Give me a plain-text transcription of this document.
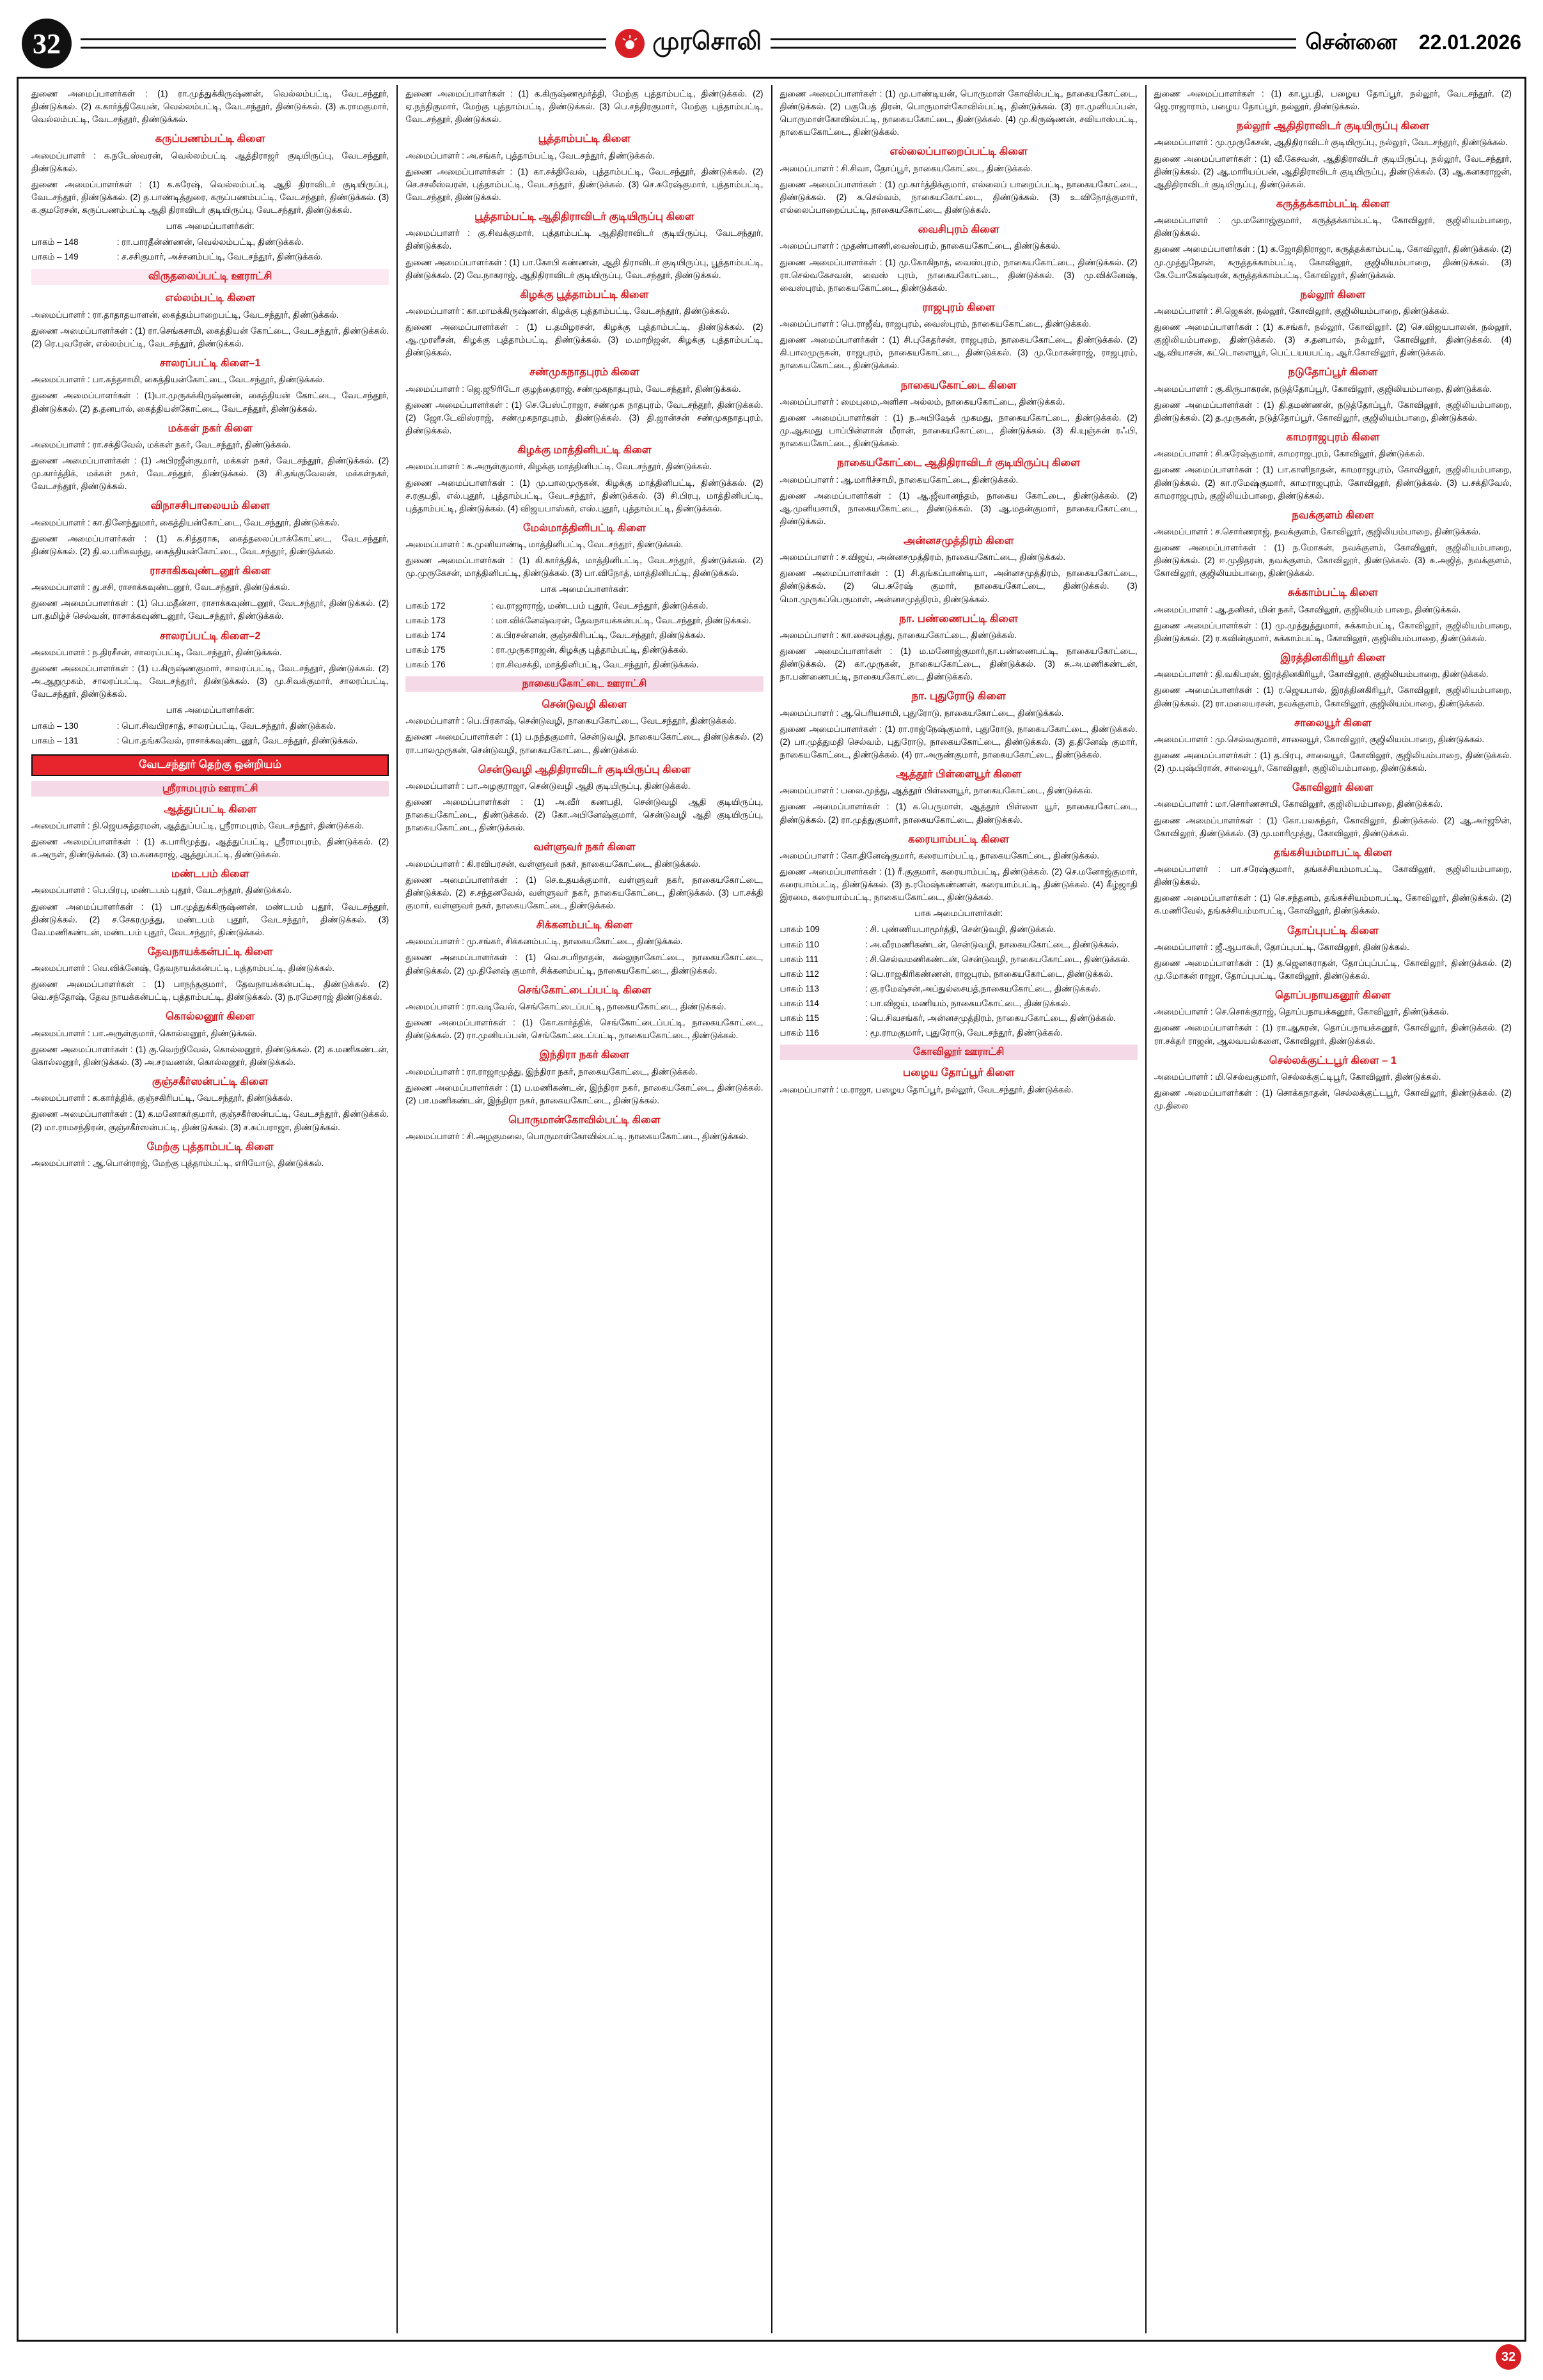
32	முரசொலி	சென்னை 22.01.2026
துணை அமைப்பாளர்கள் : (1) ரா.முத்துக்கிருஷ்ணன், வெல்லம்பட்டி, வேடசந்தூர், திண்டுக்கல். (2) க.கார்த்திகேயன், வெல்லம்பட்டி, வேடசந்தூர், திண்டுக்கல். (3) க.ராமகுமார், வெல்லம்பட்டி, வேடசந்தூர், திண்டுக்கல்.
கருப்பணம்பட்டி கிளை
அமைப்பாளர் : க.நடேஸ்வரன், வெல்லம்பட்டி ஆத்திராஜர் குடியிருப்பு, வேடசந்தூர், திண்டுக்கல்.
துணை அமைப்பாளர்கள் : (1) க.சுரேஷ், வெல்லம்பட்டி ஆதி திராவிடர் குடியிருப்பு, வேடசந்தூர், திண்டுக்கல். (2) த.பாண்டித்துரை, கருப்பணம்பட்டி, வேடசந்தூர், திண்டுக்கல். (3) க.குமரேசன், கருப்பணம்பட்டி ஆதி திராவிடர் குடியிருப்பு, வேடசந்தூர், திண்டுக்கல்.
பாக அமைப்பாளர்கள்:
பாகம் – 148	: ரா.பாரதீன்ண்ணன், வெல்லம்பட்டி, திண்டுக்கல்.
பாகம் – 149	: ச.சசிகுமார், அச்சனம்பட்டி, வேடசந்தூர், திண்டுக்கல்.
விருதலைப்பட்டி ஊராட்சி
எல்லம்பட்டி கிளை
அமைப்பாளர் : ரா.தாதாதயாளன், கைத்தம்பாறைபட்டி, வேடசந்தூர், திண்டுக்கல்.
துணை அமைப்பாளர்கள் : (1) ரா.செங்கசாமி, கைத்தியன் கோட்டை, வேடசந்தூர், திண்டுக்கல். (2) ரெ.புவரேன், எல்லம்பட்டி, வேடசந்தூர், திண்டுக்கல்.
சாலரப்பட்டி கிளை–1
அமைப்பாளர் : பா.கந்தசாமி, கைத்தியன்கோட்டை, வேடசந்தூர், திண்டுக்கல்.
துணை அமைப்பாளர்கள் : (1)பா.முருகக்கிருஷ்ணன், கைத்தியன் கோட்டை, வேடசந்தூர், திண்டுக்கல். (2) த.தனபால், கைத்தியன்கோட்டை, வேடசந்தூர், திண்டுக்கல்.
மக்கள் நகர் கிளை
அமைப்பாளர் : ரா.சக்திவேல், மக்கள் நகர், வேடசந்தூர், திண்டுக்கல்.
துணை அமைப்பாளர்கள் : (1) அபிரஜீன்குமார், மக்கள் நகர், வேடசந்தூர், திண்டுக்கல். (2) மு.கார்த்திக், மக்கள் நகர், வேடசந்தூர், திண்டுக்கல். (3) சி.தங்குவேலன், மக்கள்நகர், வேடசந்தூர், திண்டுக்கல்.
விநாசசிபாலையம் கிளை
அமைப்பாளர் : கா.தினேந்துமார், கைத்தியன்கோட்டை, வேடசந்தூர், திண்டுக்கல்.
துணை அமைப்பாளர்கள் : (1) சு.சித்தராசு, கைத்தலைப்பாக்கோட்டை, வேடசந்தூர், திண்டுக்கல். (2) தி.ல.பரிசுவந்து, கைத்தியன்கோட்டை, வேடசந்தூர், திண்டுக்கல்.
ராசாகிகவுண்டனூர் கிளை
அமைப்பாளர் : து.சசி, ராசாக்கவுண்டனூர், வேடசந்தூர், திண்டுக்கல்.
துணை அமைப்பாளர்கள் : (1) பெ.மதீன்சா, ராசாக்கவுண்டனூர், வேடசந்தூர், திண்டுக்கல். (2) பா.தமிழ்ச் செல்வன், ராசாக்கவுண்டனூர், வேடசந்தூர், திண்டுக்கல்.
சாலரப்பட்டி கிளை–2
அமைப்பாளர் : ந.திரசீசன், சாலரப்பட்டி, வேடசந்தூர், திண்டுக்கல்.
துணை அமைப்பாளர்கள் : (1) ப.கிருஷ்ணகுமார், சாலரப்பட்டி, வேடசந்தூர், திண்டுக்கல். (2) அ.ஆறுமுகம், சாலரப்பட்டி, வேடசந்தூர், திண்டுக்கல். (3) மு.சிவக்குமார், சாலரப்பட்டி, வேடசந்தூர், திண்டுக்கல்.
பாக அமைப்பாளர்கள்:
பாகம் – 130	: பொ.சிவபிரசாத், சாலரப்பட்டி, வேடசந்தூர், திண்டுக்கல்.
பாகம் – 131	: பொ.தங்கவேல், ராசாக்கவுண்டனூர், வேடசந்தூர், திண்டுக்கல்.
வேடசந்தூர் தெற்கு ஒன்றியம்
ஸ்ரீராமபுரம் ஊராட்சி
ஆத்துப்பட்டி கிளை
அமைப்பாளர் : நி.ஜெயசுத்தரமன், ஆத்துப்பட்டி, ஸ்ரீராமபுரம், வேடசந்தூர், திண்டுக்கல்.
துணை அமைப்பாளர்கள் : (1) க.பாரிமுத்து, ஆத்துப்பட்டி, ஸ்ரீராமபுரம், திண்டுக்கல். (2) சு.அருள், திண்டுக்கல். (3) ம.கனகராஜ், ஆத்துப்பட்டி, திண்டுக்கல்.
மண்டபம் கிளை
அமைப்பாளர் : பெ.பிரபு, மண்டபம் புதூர், வேடசந்தூர், திண்டுக்கல்.
துணை அமைப்பாளர்கள் : (1) பா.முத்துக்கிருஷ்ணன், மண்டபம் புதூர், வேடசந்தூர், திண்டுக்கல். (2) ச.சேகரமுத்து, மண்டபம் புதூர், வேடசந்தூர், திண்டுக்கல். (3) வே.மணிகண்டன், மண்டபம் புதூர், வேடசந்தூர், திண்டுக்கல்.
தேவநாயக்கன்பட்டி கிளை
அமைப்பாளர் : வெ.விக்னேஷ், தேவநாயக்கன்பட்டி, புத்தாம்பட்டி, திண்டுக்கல்.
துணை அமைப்பாளர்கள் : (1) பாநந்தகுமார், தேவநாயக்கன்பட்டி, திண்டுக்கல். (2) வெ.சந்தோஷ், தேவ நாயக்கன்பட்டி, புத்தாம்பட்டி, திண்டுக்கல். (3) ந.ரமேசராஜ் திண்டுக்கல்.
கொல்லனூர் கிளை
அமைப்பாளர் : பா.அருள்குமார், கொல்லனூர், திண்டுக்கல்.
துணை அமைப்பாளர்கள் : (1) கு.வெற்றிவேல், கொல்லனூர், திண்டுக்கல். (2) க.மணிகண்டன், கொல்லனூர், திண்டுக்கல். (3) அ.சரவணன், கொல்லனூர், திண்டுக்கல்.
குஞ்சகீர்ஸன்பட்டி கிளை
அமைப்பாளர் : க.கார்த்திக், குஞ்சகிரிபட்டி, வேடசந்தூர், திண்டுக்கல்.
துணை அமைப்பாளர்கள் : (1) க.மனோகர்குமார், குஞ்சகீர்ஸன்பட்டி, வேடசந்தூர், திண்டுக்கல். (2) மா.ராமசந்திரன், குஞ்சகீர்ஸன்பட்டி, திண்டுக்கல். (3) ச.சுப்பராஜா, திண்டுக்கல்.
மேற்கு புத்தாம்பட்டி கிளை
அமைப்பாளர் : ஆ.பொன்ராஜ், மேற்கு புத்தாம்பட்டி, எரியோடு, திண்டுக்கல்.
துணை அமைப்பாளர்கள் : (1) க.கிருஷ்ணமூர்த்தி, மேற்கு புத்தாம்பட்டி, திண்டுக்கல். (2) ஏ.நந்திகுமார், மேற்கு புத்தாம்பட்டி, திண்டுக்கல். (3) பெ.சந்திரகுமார், மேற்கு புத்தாம்பட்டி, வேடசந்தூர், திண்டுக்கல்.
பூத்தாம்பட்டி கிளை
அமைப்பாளர் : அ.சங்கர், புத்தாம்பட்டி, வேடசந்தூர், திண்டுக்கல்.
துணை அமைப்பாளர்கள் : (1) கா.சக்திவேல், புத்தாம்பட்டி, வேடசந்தூர், திண்டுக்கல். (2) செ.சசலீஸ்வரன், புத்தாம்பட்டி, வேடசந்தூர், திண்டுக்கல். (3) செ.சுரேஷ்குமார், புத்தாம்பட்டி, வேடசந்தூர், திண்டுக்கல்.
பூத்தாம்பட்டி ஆதிதிராவிடர் குடியிருப்பு கிளை
அமைப்பாளர் : கு.சிவக்குமார், புத்தாம்பட்டி ஆதிதிராவிடர் குடியிருப்பு, வேடசந்தூர், திண்டுக்கல்.
துணை அமைப்பாளர்கள் : (1) பா.கோபி கண்ணன், ஆதி திராவிடர் குடியிருப்பு, பூத்தாம்பட்டி, திண்டுக்கல். (2) வே.நாகராஜ், ஆதிதிராவிடர் குடியிருப்பு, வேடசந்தூர், திண்டுக்கல்.
கிழக்கு பூத்தாம்பட்டி கிளை
அமைப்பாளர் : கா.மாமக்கிருஷ்ணன், கிழக்கு புத்தாம்பட்டி, வேடசந்தூர், திண்டுக்கல்.
துணை அமைப்பாளர்கள் : (1) ப.தமிழரசன், கிழக்கு புத்தாம்பட்டி, திண்டுக்கல். (2) ஆ.முரளீசன், கிழக்கு புத்தாம்பட்டி, திண்டுக்கல். (3) ம.மாறிஜன், கிழக்கு புத்தாம்பட்டி, திண்டுக்கல்.
சண்முகநாதபுரம் கிளை
அமைப்பாளர் : ஜெ.ஜூரிடோ குழந்தைராஜ், சண்முகநாதபுரம், வேடசந்தூர், திண்டுக்கல்.
துணை அமைப்பாளர்கள் : (1) செ.பேஸ்ட்ராஜா, சண்முக நாதபுரம், வேடசந்தூர், திண்டுக்கல். (2) ஜோ.டேவிஸ்ராஜ், சண்முகநாதபுரம், திண்டுக்கல். (3) தி.ஜான்சன் சண்முகநாதபுரம், திண்டுக்கல்.
கிழக்கு மாத்தினிபட்டி கிளை
அமைப்பாளர் : சு.அருள்குமார், கிழக்கு மாத்தினிபட்டி, வேடசந்தூர், திண்டுக்கல்.
துணை அமைப்பாளர்கள் : (1) மு.பாலமுருகன், கிழக்கு மாத்தினிபட்டி, திண்டுக்கல். (2) ச.ரகுபதி, எல்.புதூர், புத்தாம்பட்டி, வேடசந்தூர், திண்டுக்கல். (3) சி.பிரபு, மாத்தினிபட்டி, புத்தாம்பட்டி, திண்டுக்கல். (4) விஜயபாஸ்கர், எஸ்.புதூர், புத்தாம்பட்டி, திண்டுக்கல்.
மேல்மாத்தினிபட்டி கிளை
அமைப்பாளர் : க.முனியாண்டி, மாத்தினிபட்டி, வேடசந்தூர், திண்டுக்கல்.
துணை அமைப்பாளர்கள் : (1) கி.கார்த்திக், மாத்தினிபட்டி, வேடசந்தூர், திண்டுக்கல். (2) மு.முருகேசன், மாத்தினிபட்டி, திண்டுக்கல். (3) பா.விநோத், மாத்தினிபட்டி, திண்டுக்கல்.
பாக அமைப்பாளர்கள்:
பாகம் 172	: வ.ராஜாராஜ், மண்டபம் புதூர், வேடசந்தூர், திண்டுக்கல்.
பாகம் 173	: மா.விக்னேஷ்வரன், தேவநாயக்கன்பட்டி, வேடசந்தூர், திண்டுக்கல்.
பாகம் 174	: க.பிரசன்னன், குஞ்சகிரிபட்டி, வேடசந்தூர், திண்டுக்கல்.
பாகம் 175	: ரா.முருகராஜன், கிழக்கு புத்தாம்பட்டி, திண்டுக்கல்.
பாகம் 176	: ரா.சிவசக்தி, மாத்தினிபட்டி, வேடசந்தூர், திண்டுக்கல்.
நாகையகோட்டை ஊராட்சி
சென்டுவழி கிளை
அமைப்பாளர் : பெ.பிரகாஷ், சென்டுவழி, நாகையகோட்டை, வேடசந்தூர், திண்டுக்கல்.
துணை அமைப்பாளர்கள் : (1) ப.நந்தகுமார், சென்டுவழி, நாகையகோட்டை, திண்டுக்கல். (2) ரா.பாலமுருகன், சென்டுவழி, நாகையகோட்டை, திண்டுக்கல்.
சென்டுவழி ஆதிதிராவிடர் குடியிருப்பு கிளை
அமைப்பாளர் : பா.அழகுராஜா, சென்டுவழி ஆதி குடியிருப்பு, திண்டுக்கல்.
துணை அமைப்பாளர்கள் : (1) அ.வீர் கணபதி, சென்டுவழி ஆதி குடியிருப்பு, நாகையகோட்டை, திண்டுக்கல். (2) கோ.அபினேஷ்குமார், சென்டுவழி ஆதி குடியிருப்பு, நாகையகோட்டை, திண்டுக்கல்.
வள்ளுவர் நகர் கிளை
அமைப்பாளர் : கி.ரவிபரசன், வள்ளுவர் நகர், நாகையகோட்டை, திண்டுக்கல்.
துணை அமைப்பாளர்கள் : (1) செ.உதயக்குமார், வள்ளுவர் நகர், நாகையகோட்டை, திண்டுக்கல். (2) ச.சந்தனவேல், வள்ளுவர் நகர், நாகையகோட்டை, திண்டுக்கல். (3) பா.சக்தி குமார், வள்ளுவர் நகர், நாகையகோட்டை, திண்டுக்கல்.
சிக்கனம்பட்டி கிளை
அமைப்பாளர் : மு.சங்கர், சிக்கனம்பட்டி, நாகையகோட்டை, திண்டுக்கல்.
துணை அமைப்பாளர்கள் : (1) வெ.சபரிநாதன், கல்லுநாகோட்டை, நாகையகோட்டை, திண்டுக்கல். (2) மு.தினேஷ் குமார், சிக்கனம்பட்டி, நாகையகோட்டை, திண்டுக்கல்.
செங்கோட்டைப்பட்டி கிளை
அமைப்பாளர் : ரா.வடிவேல், செங்கோட்டைப்பட்டி, நாகையகோட்டை, திண்டுக்கல்.
துணை அமைப்பாளர்கள் : (1) கோ.கார்த்திக், செங்கோட்டைப்பட்டி, நாகையகோட்டை, திண்டுக்கல். (2) ரா.முனியப்பன், செங்கோட்டைப்பட்டி, நாகையகோட்டை, திண்டுக்கல்.
இந்திரா நகர் கிளை
அமைப்பாளர் : ரா.ராஜாமுத்து, இந்திரா நகர், நாகையகோட்டை, திண்டுக்கல்.
துணை அமைப்பாளர்கள் : (1) ப.மணிகண்டன், இந்திரா நகர், நாகையகோட்டை, திண்டுக்கல். (2) பா.மணிகண்டன், இந்திரா நகர், நாகையகோட்டை, திண்டுக்கல்.
பொருமான்கோவில்பட்டி கிளை
அமைப்பாளர் : சி.அழகுமலை, பொருமாள்கோவில்பட்டி, நாகையகோட்டை, திண்டுக்கல்.
துணை அமைப்பாளர்கள் : (1) மு.பாண்டியன், பொருமாள் கோவில்பட்டி, நாகையகோட்டை, திண்டுக்கல். (2) பகுபேத் திரன், பொருமாள்கோவில்பட்டி, திண்டுக்கல். (3) ரா.முனியப்பன், பொருமாள்கோவில்பட்டி, நாகையகோட்டை, திண்டுக்கல். (4) மு.கிருஷ்ணன், சவியாஸ்பட்டி, நாகையகோட்டை, திண்டுக்கல்.
எல்லைப்பாறைப்பட்டி கிளை
அமைப்பாளர் : சி.சிவா, தோப்பூர், நாகையகோட்டை, திண்டுக்கல்.
துணை அமைப்பாளர்கள் : (1) மு.கார்த்திக்குமார், எல்லைப் பாறைப்பட்டி, நாகையகோட்டை, திண்டுக்கல். (2) க.செல்வம், நாகையகோட்டை, திண்டுக்கல். (3) உ.விநோத்குமார், எல்லைப்பாறைப்பட்டி, நாகையகோட்டை, திண்டுக்கல்.
வைசிபுரம் கிளை
அமைப்பாளர் : முதண்பாணி,வைஸ்பரம், நாகையகோட்டை, திண்டுக்கல்.
துணை அமைப்பாளர்கள் : (1) மு.கோகிநாத், வைஸ்புரம், நாகையகோட்டை, திண்டுக்கல். (2) ரா.செல்வகேசவன், வைஸ் புரம், நாகையகோட்டை, திண்டுக்கல். (3) மு.விக்னேஷ், வைஸ்புரம், நாகையகோட்டை, திண்டுக்கல்.
ராஜபுரம் கிளை
அமைப்பாளர் : பெ.ராஜீவ், ராஜபுரம், வைஸ்புரம், நாகையகோட்டை, திண்டுக்கல்.
துணை அமைப்பாளர்கள் : (1) சி.புகேதர்சன், ராஜபுரம், நாகையகோட்டை, திண்டுக்கல். (2) கி.பாலமுருகன், ராஜபுரம், நாகையகோட்டை, திண்டுக்கல். (3) மு.மோகன்ராஜ், ராஜபுரம், நாகையகோட்டை, திண்டுக்கல்.
நாகையகோட்டை கிளை
அமைப்பாளர் : மைபுமை,அளிசா அல்லம், நாகையகோட்டை, திண்டுக்கல்.
துணை அமைப்பாளர்கள் : (1) ந.அபிஷேக் முகமது, நாகையகோட்டை, திண்டுக்கல். (2) மு.ஆகமது பாப்பின்ளான் மீரான், நாகையகோட்டை, திண்டுக்கல். (3) கி.யுஞ்சுன் ரஃபி, நாகையகோட்டை, திண்டுக்கல்.
நாகையகோட்டை ஆதிதிராவிடர் குடியிருப்பு கிளை
அமைப்பாளர் : ஆ.மாரிச்சாமி, நாகையகோட்டை, திண்டுக்கல்.
துணை அமைப்பாளர்கள் : (1) ஆ.ஜீவானந்தம், நாகைய கோட்டை, திண்டுக்கல். (2) ஆ.முனியசாமி, நாகையகோட்டை, திண்டுக்கல். (3) ஆ.மதன்குமார், நாகையகோட்டை, திண்டுக்கல்.
அன்னசமுத்திரம் கிளை
அமைப்பாளர் : ச.விஜய், அன்னசமுத்திரம், நாகையகோட்டை, திண்டுக்கல்.
துணை அமைப்பாளர்கள் : (1) சி.தங்கப்பாண்டியா, அன்னசமுத்திரம், நாகையகோட்டை, திண்டுக்கல். (2) பெ.சுரேஷ் குமார், நாகையகோட்டை, திண்டுக்கல். (3) மொ.முருகப்பெருமாள், அன்னசமுத்திரம், திண்டுக்கல்.
நா. பண்ணைபட்டி கிளை
அமைப்பாளர் : கா.சைலபுத்து, நாகையகோட்டை, திண்டுக்கல்.
துணை அமைப்பாளர்கள் : (1) ம.மனோஜ்குமார்,நா.பண்ணைபட்டி, நாகையகோட்டை, திண்டுக்கல். (2) கா.முருகன், நாகையகோட்டை, திண்டுக்கல். (3) சு.அ.மணிகண்டன், நா.பண்ணைபட்டி, நாகையகோட்டை, திண்டுக்கல்.
நா. புதுரோடு கிளை
அமைப்பாளர் : ஆ.பெரியசாமி, புதுரோடு, நாகையகோட்டை, திண்டுக்கல்.
துணை அமைப்பாளர்கள் : (1) ரா.ராஜ்நேஷ்குமார், புதுரோடு, நாகையகோட்டை, திண்டுக்கல். (2) பா.முத்துமதி செல்வம், புதுரோடு, நாகையகோட்டை, திண்டுக்கல். (3) த.தினேஷ் குமார், நாகையகோட்டை, திண்டுக்கல். (4) ரா.அருண்குமார், நாகையகோட்டை, திண்டுக்கல்.
ஆத்தூர் பிள்ளையூர் கிளை
அமைப்பாளர் : பலை.முத்து, ஆத்தூர் பிள்ளையூர், நாகையகோட்டை, திண்டுக்கல்.
துணை அமைப்பாளர்கள் : (1) க.பெருமாள், ஆத்தூர் பிள்ளை யூர், நாகையகோட்டை, திண்டுக்கல். (2) ரா.முத்துகுமார், நாகையகோட்டை, திண்டுக்கல்.
கரையாம்பட்டி கிளை
அமைப்பாளர் : கோ.தினேஷ்குமார், கரையாம்பட்டி, நாகையகோட்டை, திண்டுக்கல்.
துணை அமைப்பாளர்கள் : (1) ரீ.குகுமார், கரையாம்பட்டி, திண்டுக்கல். (2) செ.மனோஜ்குமார், கரையாம்பட்டி, திண்டுக்கல். (3) ந.ரமேஷ்கண்ணன், கரையாம்பட்டி, திண்டுக்கல். (4) கீழ்ஜாதி இரமை, கரையாம்பட்டி, நாகையகோட்டை, திண்டுக்கல்.
பாக அமைப்பாளர்கள்:
பாகம் 109	: சி. புண்ணியபாமூர்த்தி, சென்டுவழி, திண்டுக்கல்.
பாகம் 110	: அ.வீரமணிகண்டன், சென்டுவழி, நாகையகோட்டை, திண்டுக்கல்.
பாகம் 111	: சி.செல்வமணிகண்டன், சென்டுவழி, நாகையகோட்டை, திண்டுக்கல்.
பாகம் 112	: பெ.ராஜகிரிகண்ணன், ராஜபுரம், நாகையகோட்டை, திண்டுக்கல்.
பாகம் 113	: கு.ரமேஷ்சன்,அப்துல்சையத்,நாகையகோட்டை, திண்டுக்கல்.
பாகம் 114	: பா.விஜய், மணியம், நாகையகோட்டை, திண்டுக்கல்.
பாகம் 115	: பெ.சிவசங்கர், அன்னசமுத்திரம், நாகையகோட்டை, திண்டுக்கல்.
பாகம் 116	: மூ.ராமகுமார், புதுரோடு, வேடசந்தூர், திண்டுக்கல்.
கோவிலூர் ஊராட்சி
பழைய தோப்பூர் கிளை
அமைப்பாளர் : ம.ராஜா, பழைய தோப்பூர், நல்லூர், வேடசந்தூர், திண்டுக்கல்.
துணை அமைப்பாளர்கள் : (1) கா.பூபதி, பழைய தோப்பூர், நல்லூர், வேடசந்தூர். (2) ஜெ.ராஜாராம், பழைய தோப்பூர், நல்லூர், திண்டுக்கல்.
நல்லூர் ஆதிதிராவிடர் குடியிருப்பு கிளை
அமைப்பாளர் : மு.முருகேசன், ஆதிதிராவிடர் குடியிருப்பு, நல்லூர், வேடசந்தூர், திண்டுக்கல்.
துணை அமைப்பாளர்கள் : (1) வீ.கேசவன், ஆதிதிராவிடர் குடியிருப்பு, நல்லூர், வேடசந்தூர், திண்டுக்கல். (2) ஆ.மாரியப்பன், ஆதிதிராவிடர் குடியிருப்பு, திண்டுக்கல். (3) ஆ.கனகராஜன், ஆதிதிராவிடர் குடியிருப்பு, திண்டுக்கல்.
கருத்தக்காம்பட்டி கிளை
அமைப்பாளர் : மு.மனோஜ்குமார், கருத்தக்காம்பட்டி, கோவிலூர், குஜிலியம்பாறை, திண்டுக்கல்.
துணை அமைப்பாளர்கள் : (1) க.ஜோதிநிராஜா, கருத்தக்காம்பட்டி, கோவிலூர், திண்டுக்கல். (2) மு.முத்துநேசன், கருத்தக்காம்பட்டி, கோவிலூர், குஜிலியம்பாறை, திண்டுக்கல். (3) கே.யோகேஷ்வரன், கருத்தக்காம்பட்டி, கோவிலூர், திண்டுக்கல்.
நல்லூர் கிளை
அமைப்பாளர் : சி.ஜெகன், நல்லூர், கோவிலூர், குஜிலியம்பாறை, திண்டுக்கல்.
துணை அமைப்பாளர்கள் : (1) க.சங்கர், நல்லூர், கோவிலூர். (2) செ.விஜயபாலன், நல்லூர், குஜிலியம்பாறை, திண்டுக்கல். (3) ச.தனபால், நல்லூர், கோவிலூர், திண்டுக்கல். (4) ஆ.வியாசன், கட்டொளையூர், பெட்டயயபட்டி, ஆர்.கோவிலூர், திண்டுக்கல்.
நடுதோப்பூர் கிளை
அமைப்பாளர் : கு.கிருபாகரன், நடுத்தோப்பூர், கோவிலூர், குஜிலியம்பாறை, திண்டுக்கல்.
துணை அமைப்பாளர்கள் : (1) தி.தமண்ணன், நடுத்தோப்பூர், கோவிலூர், குஜிலியம்பாறை, திண்டுக்கல். (2) த.முருகன், நடுத்தோப்பூர், கோவிலூர், குஜிலியம்பாறை, திண்டுக்கல்.
காமராஜபுரம் கிளை
அமைப்பாளர் : சி.சுரேஷ்குமார், காமராஜபுரம், கோவிலூர், திண்டுக்கல்.
துணை அமைப்பாளர்கள் : (1) பா.காளிநாதன், காமராஜபுரம், கோவிலூர், குஜிலியம்பாறை, திண்டுக்கல். (2) கா.ரமேஷ்குமார், காமராஜபுரம், கோவிலூர், திண்டுக்கல். (3) ப.சக்திவேல், காமராஜபுரம், குஜிலியம்பாறை, திண்டுக்கல்.
நவக்குளம் கிளை
அமைப்பாளர் : ச.சொர்ணராஜ், நவக்குளம், கோவிலூர், குஜிலியம்பாறை, திண்டுக்கல்.
துணை அமைப்பாளர்கள் : (1) ந.மோகன், நவக்குளம், கோவிலூர், குஜிலியம்பாறை, திண்டுக்கல். (2) ஈ.முதிதரன், நவக்குளம், கோவிலூர், திண்டுக்கல். (3) சு.அஜித், நவக்குளம், கோவிலூர், குஜிலியம்பாறை, திண்டுக்கல்.
சுக்காம்பட்டி கிளை
அமைப்பாளர் : ஆ.தனிகர், மின் நகர், கோவிலூர், குஜிலியம் பாறை, திண்டுக்கல்.
துணை அமைப்பாளர்கள் : (1) மு.முத்துத்துமார், சுக்காம்பட்டி, கோவிலூர், குஜிலியம்பாறை, திண்டுக்கல். (2) ர.கவின்குமார், சுக்காம்பட்டி, கோவிலூர், குஜிலியம்பாறை, திண்டுக்கல்.
இரத்தினகிரியூர் கிளை
அமைப்பாளர் : தி.வகிபரன், இரத்தினகிரியூர், கோவிலூர், குஜிலியம்பாறை, திண்டுக்கல்.
துணை அமைப்பாளர்கள் : (1) ர.ஜெயபால், இரத்தினகிரியூர், கோவிலூர், குஜிலியம்பாறை, திண்டுக்கல். (2) ரா.மலையரசன், நவக்குளம், கோவிலூர், குஜிலியம்பாறை, திண்டுக்கல்.
சாலையூர் கிளை
அமைப்பாளர் : மு.செல்வகுமார், சாலையூர், கோவிலூர், குஜிலியம்பாறை, திண்டுக்கல்.
துணை அமைப்பாளர்கள் : (1) த.பிரபு, சாலையூர், கோவிலூர், குஜிலியம்பாறை, திண்டுக்கல். (2) மு.புஷ்பிரான், சாலையூர், கோவிலூர், குஜிலியம்பாறை, திண்டுக்கல்.
கோவிலூர் கிளை
அமைப்பாளர் : மா.சொர்ணசாமி, கோவிலூர், குஜிலியம்பாறை, திண்டுக்கல்.
துணை அமைப்பாளர்கள் : (1) கோ.பலசுந்தர், கோவிலூர், திண்டுக்கல். (2) ஆ.அர்ஜூன், கோவிலூர், திண்டுக்கல். (3) மு.மாரிமுத்து, கோவிலூர், திண்டுக்கல்.
தங்கசியம்மாபட்டி கிளை
அமைப்பாளர் : பா.சரேஷ்குமார், தங்கச்சியம்மாபட்டி, கோவிலூர், குஜிலியம்பாறை, திண்டுக்கல்.
துணை அமைப்பாளர்கள் : (1) செ.சந்தனம், தங்கச்சியம்மாபட்டி, கோவிலூர், திண்டுக்கல். (2) க.மணிவேல், தங்கச்சியம்மாபட்டி, கோவிலூர், திண்டுக்கல்.
தோப்புபட்டி கிளை
அமைப்பாளர் : ஜீ.ஆபாகூர், தோப்புபட்டி, கோவிலூர், திண்டுக்கல்.
துணை அமைப்பாளர்கள் : (1) த.ஜெனகராதன், தோப்புப்பட்டி, கோவிலூர், திண்டுக்கல். (2) மு.மோகன் ராஜா, தோப்புபட்டி, கோவிலூர், திண்டுக்கல்.
தொப்பநாயகனூர் கிளை
அமைப்பாளர் : செ.சொக்குராஜ், தொப்பநாயக்கனூர், கோவிலூர், திண்டுக்கல்.
துணை அமைப்பாளர்கள் : (1) ரா.ஆகரன், தொப்பநாயக்கனூர், கோவிலூர், திண்டுக்கல். (2) ரா.சக்தர் ராஜன், ஆலவயல்களை, கோவிலூர், திண்டுக்கல்.
செல்லக்குட்டபூர் கிளை – 1
அமைப்பாளர் : மி.செல்வகுமார், செல்லக்குட்டிபூர், கோவிலூர், திண்டுக்கல்.
துணை அமைப்பாளர்கள் : (1) சொக்கநாதன், செல்லக்குட்டபூர், கோவிலூர், திண்டுக்கல். (2) மு.திலை
32
